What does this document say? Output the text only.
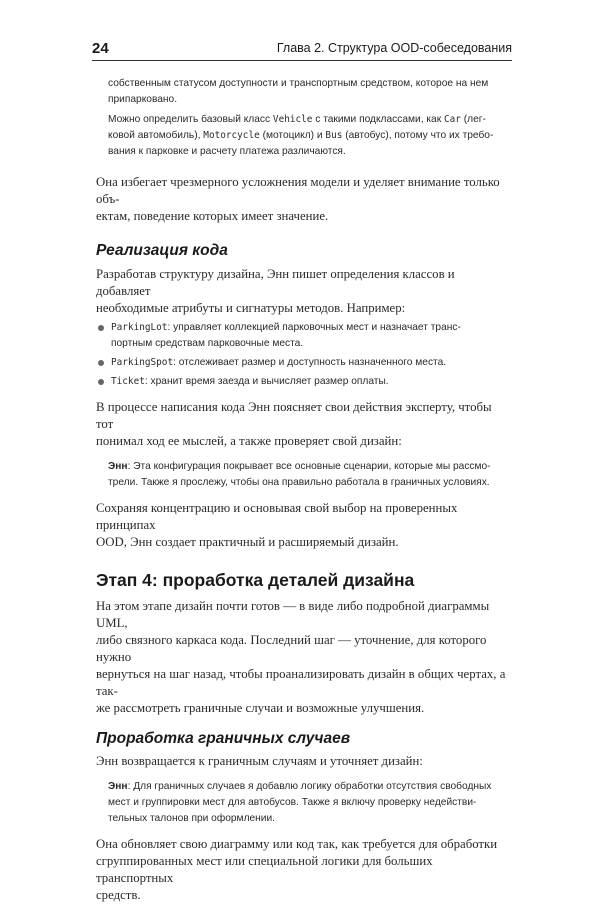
24	Глава 2. Структура OOD-собеседования

собственным статусом доступности и транспортным средством, которое на нем
припарковано.

Можно определить базовый класс Vehicle с такими подклассами, как Car (лег-
ковой автомобиль), Motorcycle (мотоцикл) и Bus (автобус), потому что их требо-
вания к парковке и расчету платежа различаются.

Она избегает чрезмерного усложнения модели и уделяет внимание только объ-
ектам, поведение которых имеет значение.

Реализация кода

Разработав структуру дизайна, Энн пишет определения классов и добавляет
необходимые атрибуты и сигнатуры методов. Например:

ParkingLot: управляет коллекцией парковочных мест и назначает транс-
портным средствам парковочные места.
ParkingSpot: отслеживает размер и доступность назначенного места.
Ticket: хранит время заезда и вычисляет размер оплаты.

В процессе написания кода Энн поясняет свои действия эксперту, чтобы тот
понимал ход ее мыслей, а также проверяет свой дизайн:

Энн: Эта конфигурация покрывает все основные сценарии, которые мы рассмо-
трели. Также я прослежу, чтобы она правильно работала в граничных условиях.

Сохраняя концентрацию и основывая свой выбор на проверенных принципах
OOD, Энн создает практичный и расширяемый дизайн.

Этап 4: проработка деталей дизайна

На этом этапе дизайн почти готов — в виде либо подробной диаграммы UML,
либо связного каркаса кода. Последний шаг — уточнение, для которого нужно
вернуться на шаг назад, чтобы проанализировать дизайн в общих чертах, а так-
же рассмотреть граничные случаи и возможные улучшения.

Проработка граничных случаев

Энн возвращается к граничным случаям и уточняет дизайн:

Энн: Для граничных случаев я добавлю логику обработки отсутствия свободных
мест и группировки мест для автобусов. Также я включу проверку недействи-
тельных талонов при оформлении.

Она обновляет свою диаграмму или код так, как требуется для обработки
сгруппированных мест или специальной логики для больших транспортных
средств.
